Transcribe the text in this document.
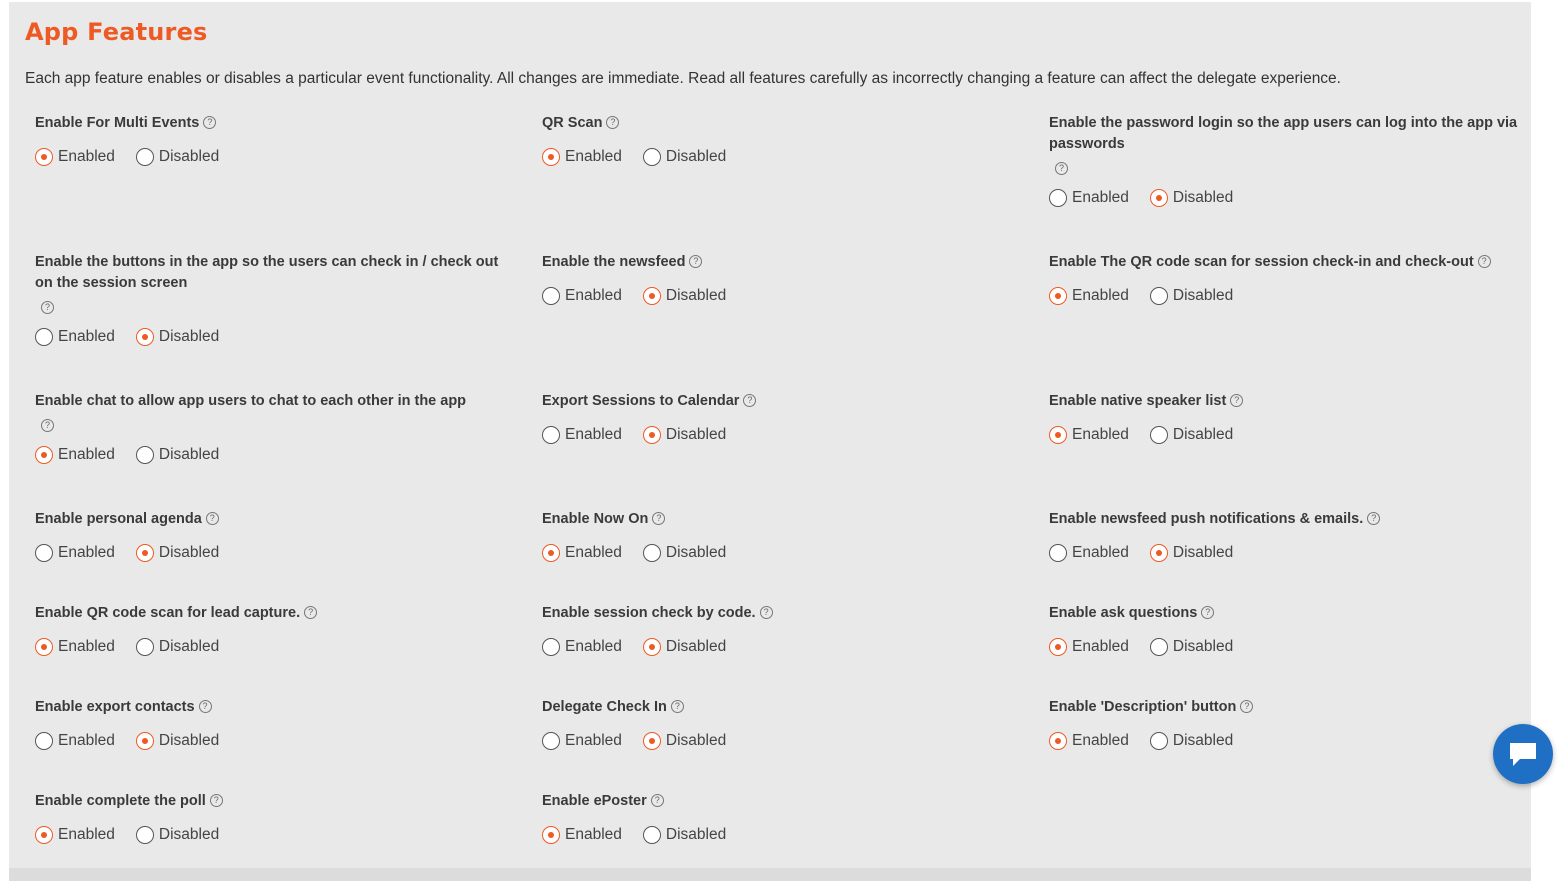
App Features

Each app feature enables or disables a particular event functionality. All changes are immediate. Read all features carefully as incorrectly changing a feature can affect the delegate experience.

Enable For Multi Events ?
Enabled	Disabled
QR Scan ?
Enabled	Disabled
Enable the password login so the app users can log into the app via passwords
?
Enabled	Disabled
Enable the buttons in the app so the users can check in / check out on the session screen
?
Enabled	Disabled
Enable the newsfeed ?
Enabled	Disabled
Enable The QR code scan for session check-in and check-out ?
Enabled	Disabled
Enable chat to allow app users to chat to each other in the app
?
Enabled	Disabled
Export Sessions to Calendar ?
Enabled	Disabled
Enable native speaker list ?
Enabled	Disabled
Enable personal agenda ?
Enabled	Disabled
Enable Now On ?
Enabled	Disabled
Enable newsfeed push notifications & emails. ?
Enabled	Disabled
Enable QR code scan for lead capture. ?
Enabled	Disabled
Enable session check by code. ?
Enabled	Disabled
Enable ask questions ?
Enabled	Disabled
Enable export contacts ?
Enabled	Disabled
Delegate Check In ?
Enabled	Disabled
Enable 'Description' button ?
Enabled	Disabled
Enable complete the poll ?
Enabled	Disabled
Enable ePoster ?
Enabled	Disabled
